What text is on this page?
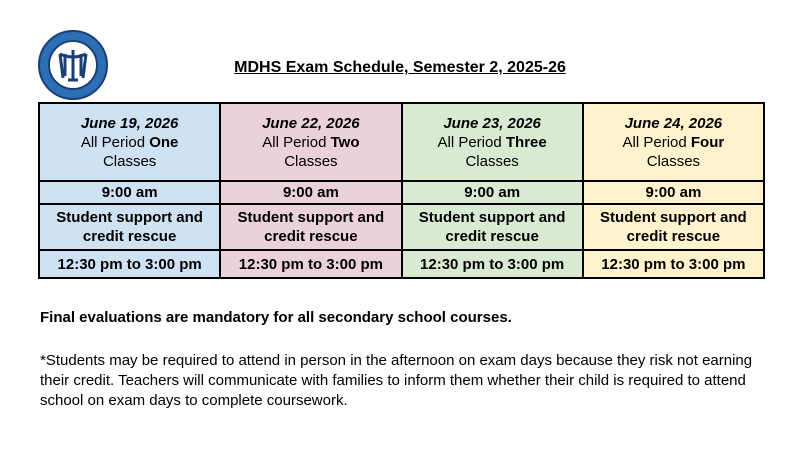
MDHS Exam Schedule, Semester 2, 2025-26
June 19, 2026
All Period One
Classes	June 22, 2026
All Period Two
Classes	June 23, 2026
All Period Three
Classes	June 24, 2026
All Period Four
Classes

9:00 am	9:00 am	9:00 am	9:00 am
Student support and credit rescue	Student support and credit rescue	Student support and credit rescue	Student support and credit rescue
12:30 pm to 3:00 pm	12:30 pm to 3:00 pm	12:30 pm to 3:00 pm	12:30 pm to 3:00 pm
Final evaluations are mandatory for all secondary school courses.
*Students may be required to attend in person in the afternoon on exam days because they risk not earning their credit. Teachers will communicate with families to inform them whether their child is required to attend school on exam days to complete coursework.
